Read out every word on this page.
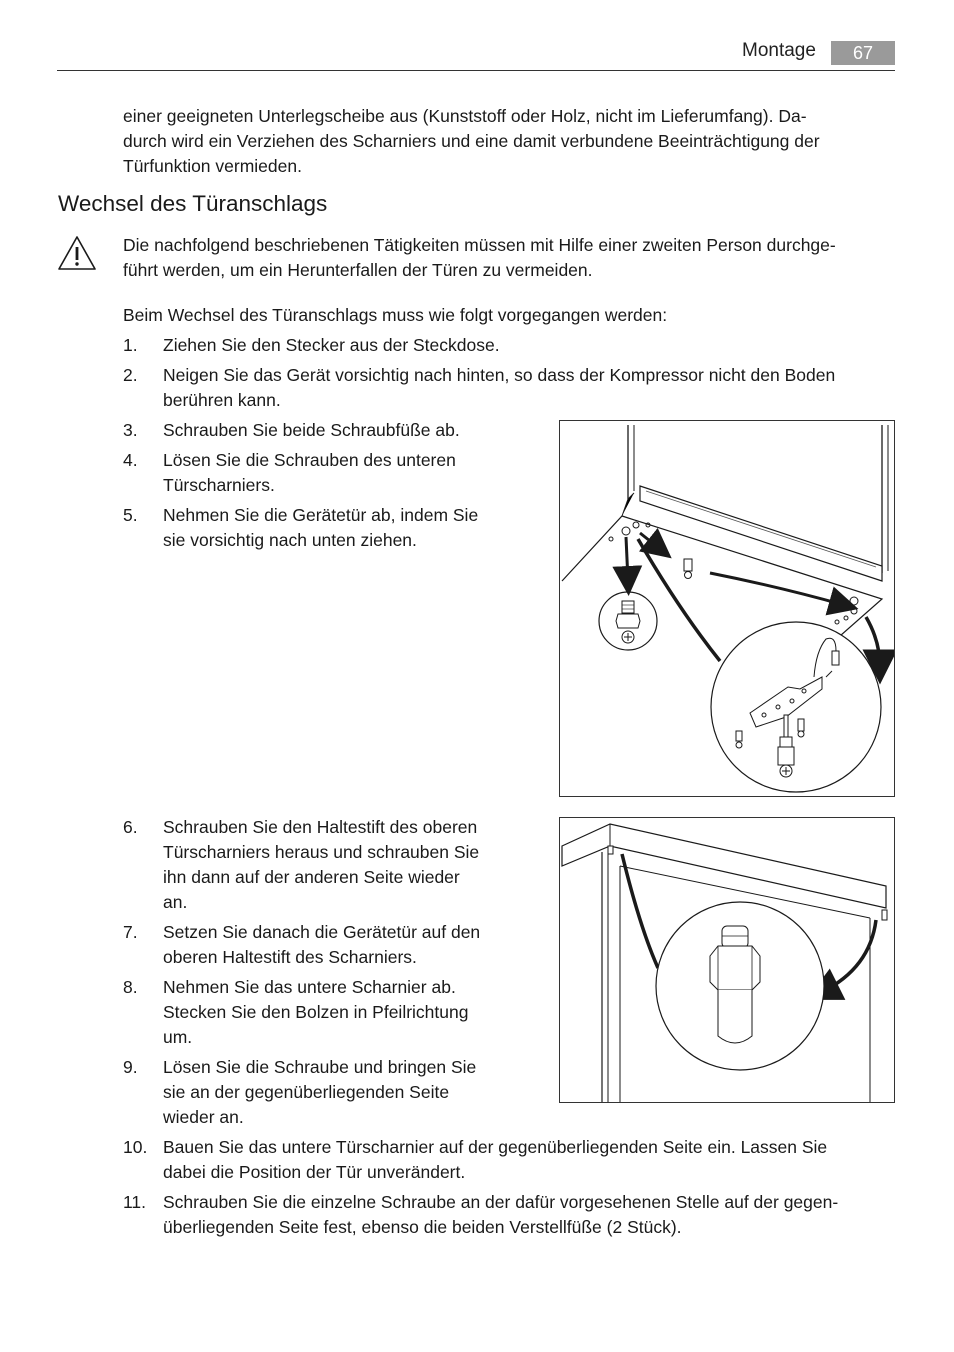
Montage	67

einer geeigneten Unterlegscheibe aus (Kunststoff oder Holz, nicht im Lieferumfang). Da-
durch wird ein Verziehen des Scharniers und eine damit verbundene Beeinträchtigung der
Türfunktion vermieden.

Wechsel des Türanschlags

Die nachfolgend beschriebenen Tätigkeiten müssen mit Hilfe einer zweiten Person durchge-
führt werden, um ein Herunterfallen der Türen zu vermeiden.

Beim Wechsel des Türanschlags muss wie folgt vorgegangen werden:

1. Ziehen Sie den Stecker aus der Steckdose.
2. Neigen Sie das Gerät vorsichtig nach hinten, so dass der Kompressor nicht den Boden
berühren kann.
3. Schrauben Sie beide Schraubfüße ab.
4. Lösen Sie die Schrauben des unteren
Türscharniers.
5. Nehmen Sie die Gerätetür ab, indem Sie
sie vorsichtig nach unten ziehen.
6. Schrauben Sie den Haltestift des oberen
Türscharniers heraus und schrauben Sie
ihn dann auf der anderen Seite wieder
an.
7. Setzen Sie danach die Gerätetür auf den
oberen Haltestift des Scharniers.
8. Nehmen Sie das untere Scharnier ab.
Stecken Sie den Bolzen in Pfeilrichtung
um.
9. Lösen Sie die Schraube und bringen Sie
sie an der gegenüberliegenden Seite
wieder an.
10. Bauen Sie das untere Türscharnier auf der gegenüberliegenden Seite ein. Lassen Sie
dabei die Position der Tür unverändert.
11. Schrauben Sie die einzelne Schraube an der dafür vorgesehenen Stelle auf der gegen-
überliegenden Seite fest, ebenso die beiden Verstellfüße (2 Stück).
